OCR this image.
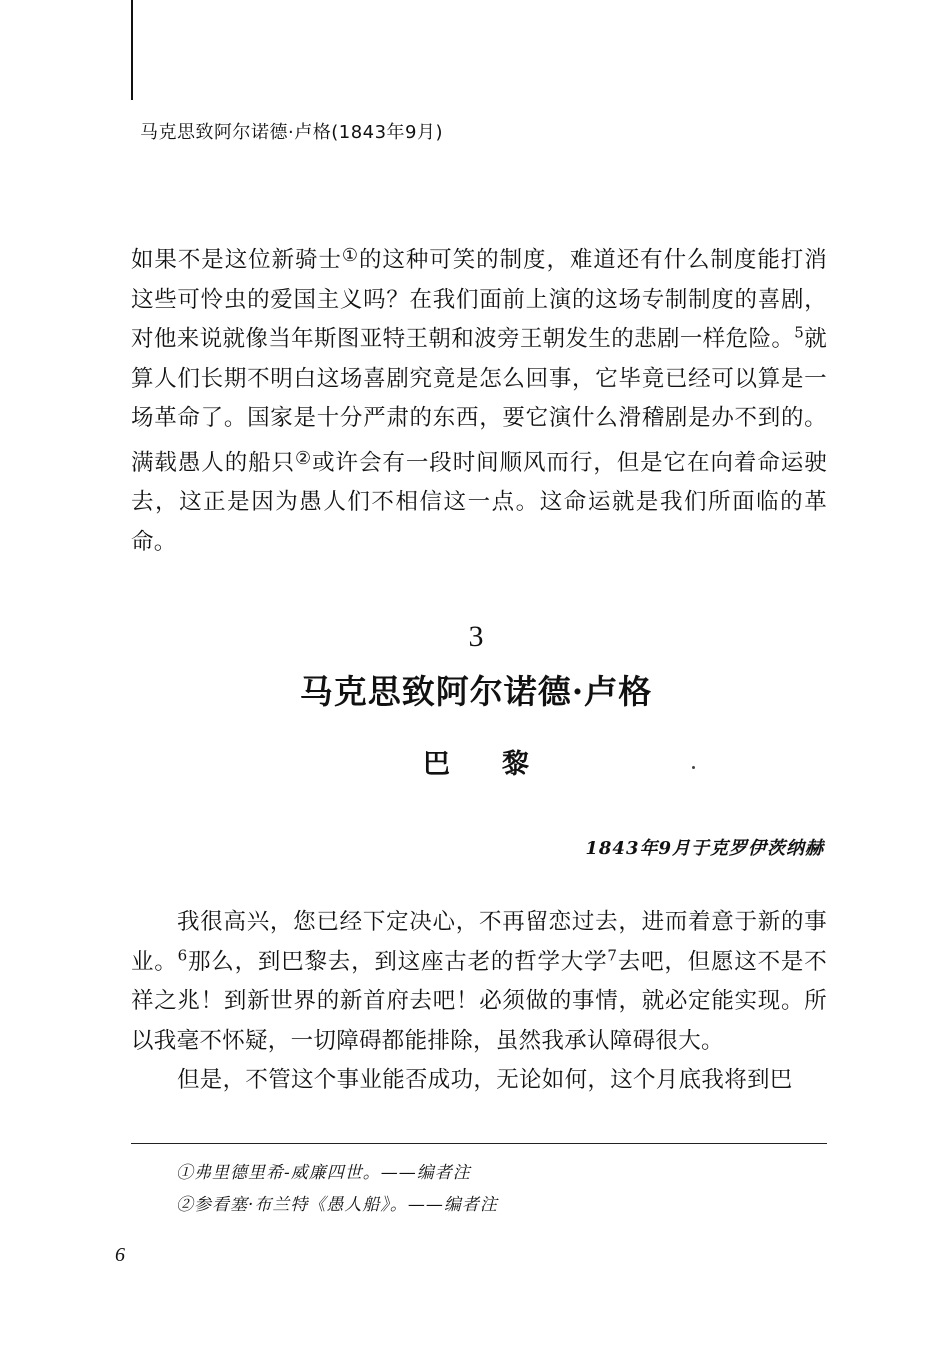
马克思致阿尔诺德·卢格(1843年9月)
如果不是这位新骑士①的这种可笑的制度，难道还有什么制度能打消这些可怜虫的爱国主义吗？在我们面前上演的这场专制制度的喜剧，对他来说就像当年斯图亚特王朝和波旁王朝发生的悲剧一样危险。$^5$就算人们长期不明白这场喜剧究竟是怎么回事，它毕竟已经可以算是一场革命了。国家是十分严肃的东西，要它演什么滑稽剧是办不到的。满载愚人的船只②或许会有一段时间顺风而行，但是它在向着命运驶去，这正是因为愚人们不相信这一点。这命运就是我们所面临的革命。
3
马克思致阿尔诺德·卢格
巴黎
1843年9月于克罗伊茨纳赫
我很高兴，您已经下定决心，不再留恋过去，进而着意于新的事业。$^6$那么，到巴黎去，到这座古老的哲学大学$^7$去吧，但愿这不是不祥之兆！到新世界的新首府去吧！必须做的事情，就必定能实现。所以我毫不怀疑，一切障碍都能排除，虽然我承认障碍很大。
但是，不管这个事业能否成功，无论如何，这个月底我将到巴
①弗里德里希-威廉四世。——编者注
②参看塞·布兰特《愚人船》。——编者注
6
